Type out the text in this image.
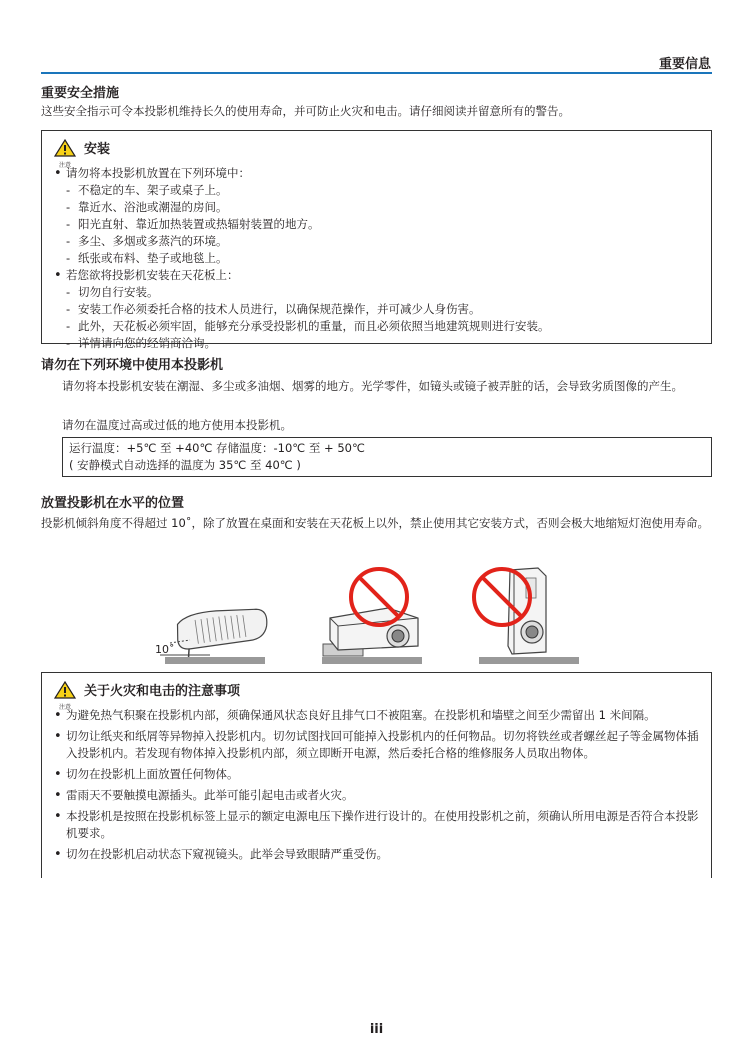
重要信息
重要安全措施
这些安全指示可令本投影机维持长久的使用寿命，并可防止火灾和电击。请仔细阅读并留意所有的警告。
注意
安装
• 请勿将本投影机放置在下列环境中：
- 不稳定的车、架子或桌子上。
- 靠近水、浴池或潮湿的房间。
- 阳光直射、靠近加热装置或热辐射装置的地方。
- 多尘、多烟或多蒸汽的环境。
- 纸张或布料、垫子或地毯上。
• 若您欲将投影机安装在天花板上：
- 切勿自行安装。
- 安装工作必须委托合格的技术人员进行，以确保规范操作，并可减少人身伤害。
- 此外，天花板必须牢固，能够充分承受投影机的重量，而且必须依照当地建筑规则进行安装。
- 详情请向您的经销商洽询。
请勿在下列环境中使用本投影机
请勿将本投影机安装在潮湿、多尘或多油烟、烟雾的地方。光学零件，如镜头或镜子被弄脏的话，会导致劣质图像的产生。
请勿在温度过高或过低的地方使用本投影机。
运行温度：+5℃ 至 +40℃ 存储温度：-10℃ 至 + 50℃
( 安静模式自动选择的温度为 35℃ 至 40℃ )
放置投影机在水平的位置
投影机倾斜角度不得超过 10˚，除了放置在桌面和安装在天花板上以外，禁止使用其它安装方式，否则会极大地缩短灯泡使用寿命。
10˚
注意
关于火灾和电击的注意事项
• 为避免热气积聚在投影机内部，须确保通风状态良好且排气口不被阻塞。在投影机和墙壁之间至少需留出 1 米间隔。
• 切勿让纸夹和纸屑等异物掉入投影机内。切勿试图找回可能掉入投影机内的任何物品。切勿将铁丝或者螺丝起子等金属物体插入投影机内。若发现有物体掉入投影机内部，须立即断开电源，然后委托合格的维修服务人员取出物体。
• 切勿在投影机上面放置任何物体。
• 雷雨天不要触摸电源插头。此举可能引起电击或者火灾。
• 本投影机是按照在投影机标签上显示的额定电源电压下操作进行设计的。在使用投影机之前，须确认所用电源是否符合本投影机要求。
• 切勿在投影机启动状态下窥视镜头。此举会导致眼睛严重受伤。
iii
